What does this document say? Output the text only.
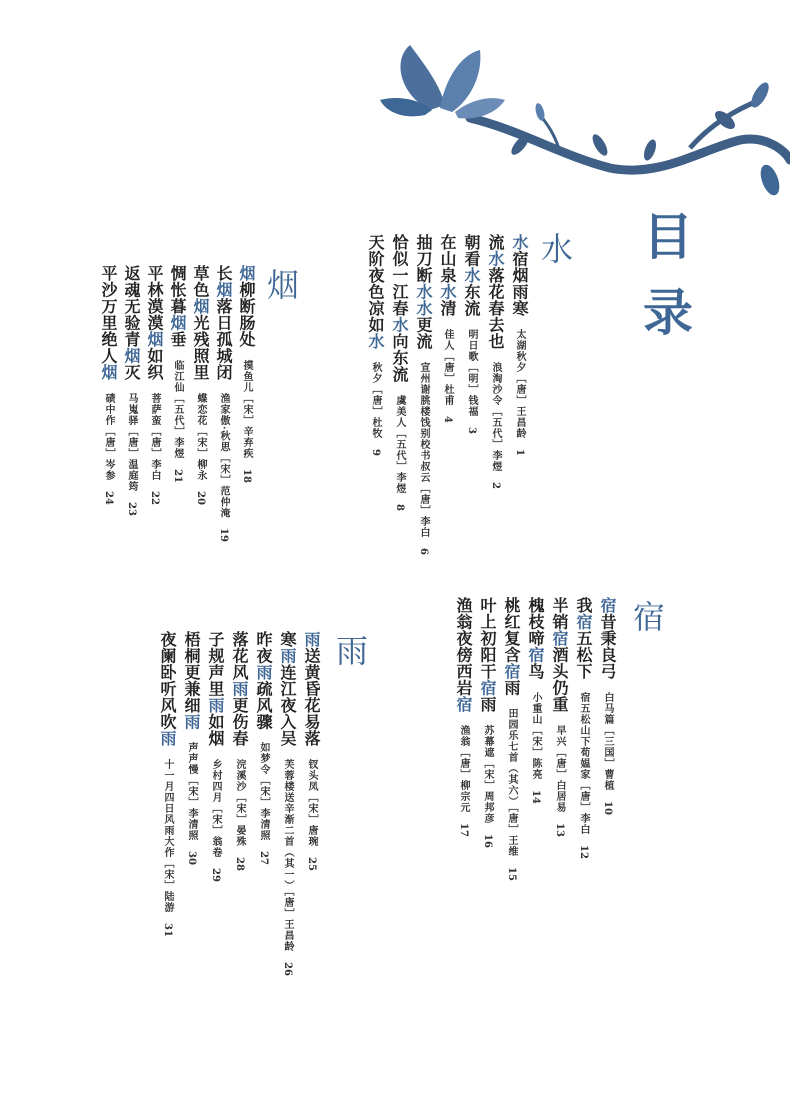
目录
水
烟
宿
雨
水宿烟雨寒太湖秋夕［唐］王昌龄1
流水落花春去也浪淘沙令［五代］李煜2
朝看水东流明日歌［明］钱福3
在山泉水清佳人［唐］杜甫4
抽刀断水水更流宣州谢朓楼饯别校书叔云［唐］李白6
恰似一江春水向东流虞美人［五代］李煜8
天阶夜色凉如水秋夕［唐］杜牧9
烟柳断肠处摸鱼儿［宋］辛弃疾18
长烟落日孤城闭渔家傲·秋思［宋］范仲淹19
草色烟光残照里蝶恋花［宋］柳永20
惆怅暮烟垂临江仙［五代］李煜21
平林漠漠烟如织菩萨蛮［唐］李白22
返魂无验青烟灭马嵬驿［唐］温庭筠23
平沙万里绝人烟碛中作［唐］岑参24
宿昔秉良弓白马篇［三国］曹植10
我宿五松下宿五松山下荀媪家［唐］李白12
半销宿酒头仍重早兴［唐］白居易13
槐枝啼宿鸟小重山［宋］陈亮14
桃红复含宿雨田园乐七首（其六）［唐］王维15
叶上初阳干宿雨苏幕遮［宋］周邦彦16
渔翁夜傍西岩宿渔翁［唐］柳宗元17
雨送黄昏花易落钗头凤［宋］唐琬25
寒雨连江夜入吴芙蓉楼送辛渐二首（其一）［唐］王昌龄26
昨夜雨疏风骤如梦令［宋］李清照27
落花风雨更伤春浣溪沙［宋］晏殊28
子规声里雨如烟乡村四月［宋］翁卷29
梧桐更兼细雨声声慢［宋］李清照30
夜阑卧听风吹雨十一月四日风雨大作［宋］陆游31
